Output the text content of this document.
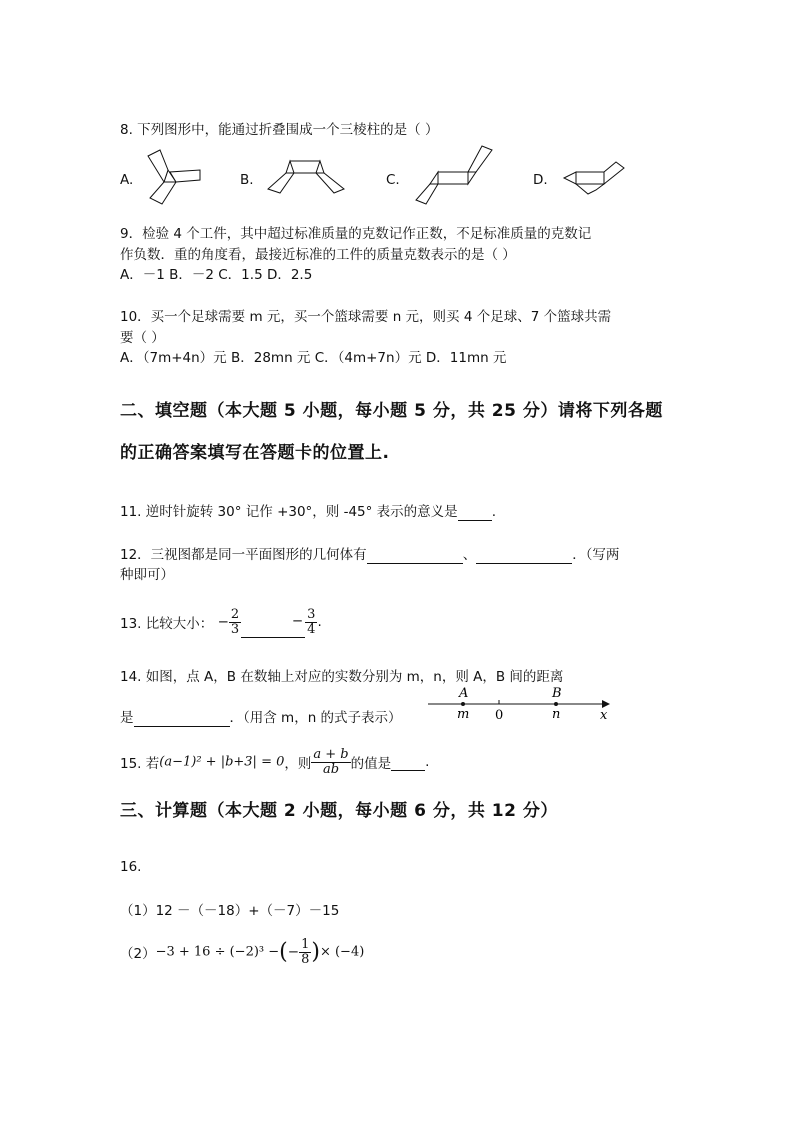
8. 下列图形中，能通过折叠围成一个三棱柱的是（ ）
A.	B.	C.	D.
9．检验 4 个工件，其中超过标准质量的克数记作正数，不足标准质量的克数记
作负数．重的角度看，最接近标准的工件的质量克数表示的是（ ）
A．－1 B．－2 C．1.5 D．2.5
10．买一个足球需要 m 元，买一个篮球需要 n 元，则买 4 个足球、7 个篮球共需
要（ ）
A．（7m+4n）元 B．28mn 元 C．（4m+7n）元 D．11mn 元
二、填空题（本大题 5 小题，每小题 5 分，共 25 分）请将下列各题
的正确答案填写在答题卡的位置上.
11. 逆时针旋转 30° 记作 +30°，则 -45° 表示的意义是	.
12．三视图都是同一平面图形的几何体有	、	．（写两
种即可）
13. 比较大小： − $\frac{2}{3}$	− $\frac{3}{4}$ .
14. 如图，点 A，B 在数轴上对应的实数分别为 m，n，则 A，B 间的距离
是	．（用含 m，n 的式子表示）
A	B
m 0	n	x
15. 若(a−1)² + |b+3| = 0，则 $\frac{a + b}{ab}$ 的值是	.
三、计算题（本大题 2 小题，每小题 6 分，共 12 分）
16.
（1）12 －（－18）+（－7）－15
（2）−3 + 16 ÷ (−2)³ −(− $\frac{1}{8}$ )× (−4)
